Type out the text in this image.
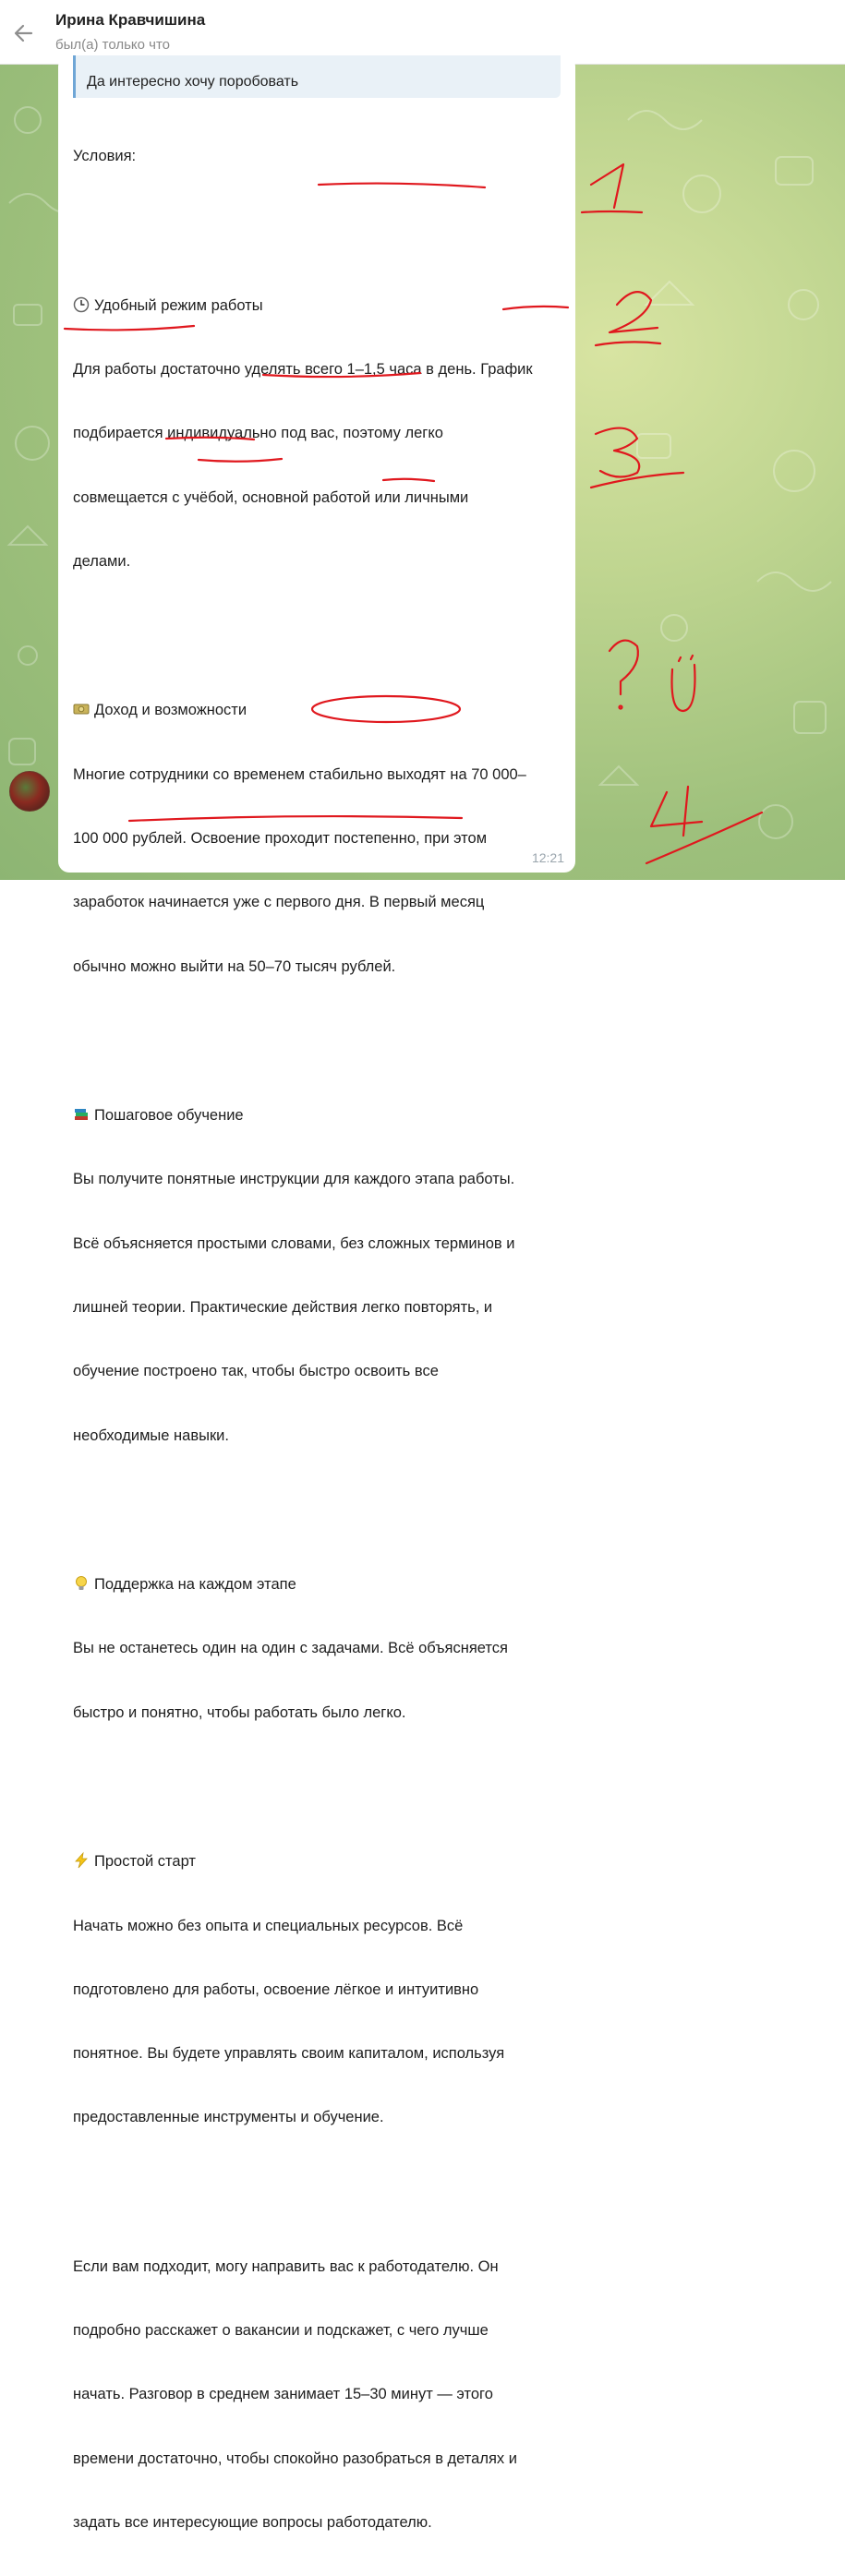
Ирина Кравчишина
был(а) только что
Да интересно хочу поробовать

Условия:

Удобный режим работы

Для работы достаточно уделять всего 1–1,5 часа в день. График

подбирается индивидуально под вас, поэтому легко

совмещается с учёбой, основной работой или личными

делами.

Доход и возможности

Многие сотрудники со временем стабильно выходят на 70 000–

100 000 рублей. Освоение проходит постепенно, при этом

заработок начинается уже с первого дня. В первый месяц

обычно можно выйти на 50–70 тысяч рублей.

Пошаговое обучение

Вы получите понятные инструкции для каждого этапа работы.

Всё объясняется простыми словами, без сложных терминов и

лишней теории. Практические действия легко повторять, и

обучение построено так, чтобы быстро освоить все

необходимые навыки.

Поддержка на каждом этапе

Вы не останетесь один на один с задачами. Всё объясняется

быстро и понятно, чтобы работать было легко.

Простой старт

Начать можно без опыта и специальных ресурсов. Всё

подготовлено для работы, освоение лёгкое и интуитивно

понятное. Вы будете управлять своим капиталом, используя

предоставленные инструменты и обучение.

Если вам подходит, могу направить вас к работодателю. Он

подробно расскажет о вакансии и подскажет, с чего лучше

начать. Разговор в среднем занимает 15–30 минут — этого

времени достаточно, чтобы спокойно разобраться в деталях и

задать все интересующие вопросы работодателю.

12:21
